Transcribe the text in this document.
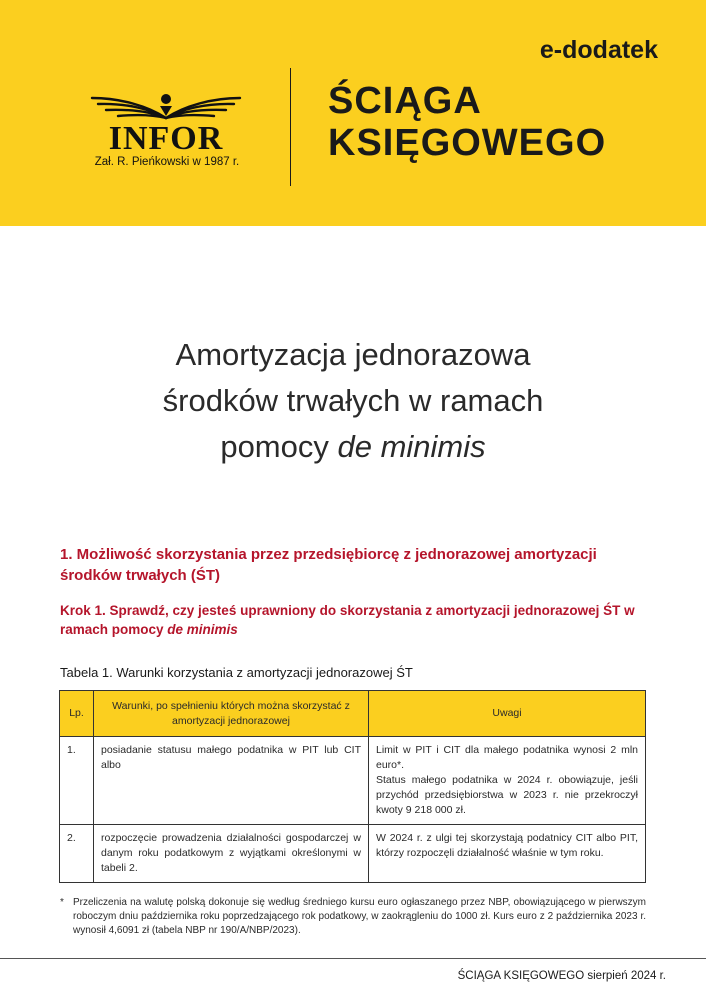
INFOR
Zał. R. Pieńkowski w 1987 r.
e-dodatek
ŚCIĄGA
KSIĘGOWEGO
Amortyzacja jednorazowa
środków trwałych w ramach
pomocy de minimis
1. Możliwość skorzystania przez przedsiębiorcę z jednorazowej amortyzacji środków trwałych (ŚT)

Krok 1. Sprawdź, czy jesteś uprawniony do skorzystania z amortyzacji jednorazowej ŚT w ramach pomocy de minimis

Tabela 1. Warunki korzystania z amortyzacji jednorazowej ŚT
Lp.	Warunki, po spełnieniu których można skorzystać z amortyzacji jednorazowej	Uwagi
1.	posiadanie statusu małego podatnika w PIT lub CIT albo	Limit w PIT i CIT dla małego podatnika wynosi 2 mln euro*.
Status małego podatnika w 2024 r. obowiązuje, jeśli przychód przedsiębiorstwa w 2023 r. nie przekroczył kwoty 9 218 000 zł.

2.	rozpoczęcie prowadzenia działalności gospodarczej w danym roku podatkowym z wyjątkami określonymi w tabeli 2.	W 2024 r. z ulgi tej skorzystają podatnicy CIT albo PIT, którzy rozpoczęli działalność właśnie w tym roku.
* Przeliczenia na walutę polską dokonuje się według średniego kursu euro ogłaszanego przez NBP, obowiązującego w pierwszym roboczym dniu października roku poprzedzającego rok podatkowy, w zaokrągleniu do 1000 zł. Kurs euro z 2 października 2023 r. wynosił 4,6091 zł (tabela NBP nr 190/A/NBP/2023).
ŚCIĄGA KSIĘGOWEGO sierpień 2024 r.
